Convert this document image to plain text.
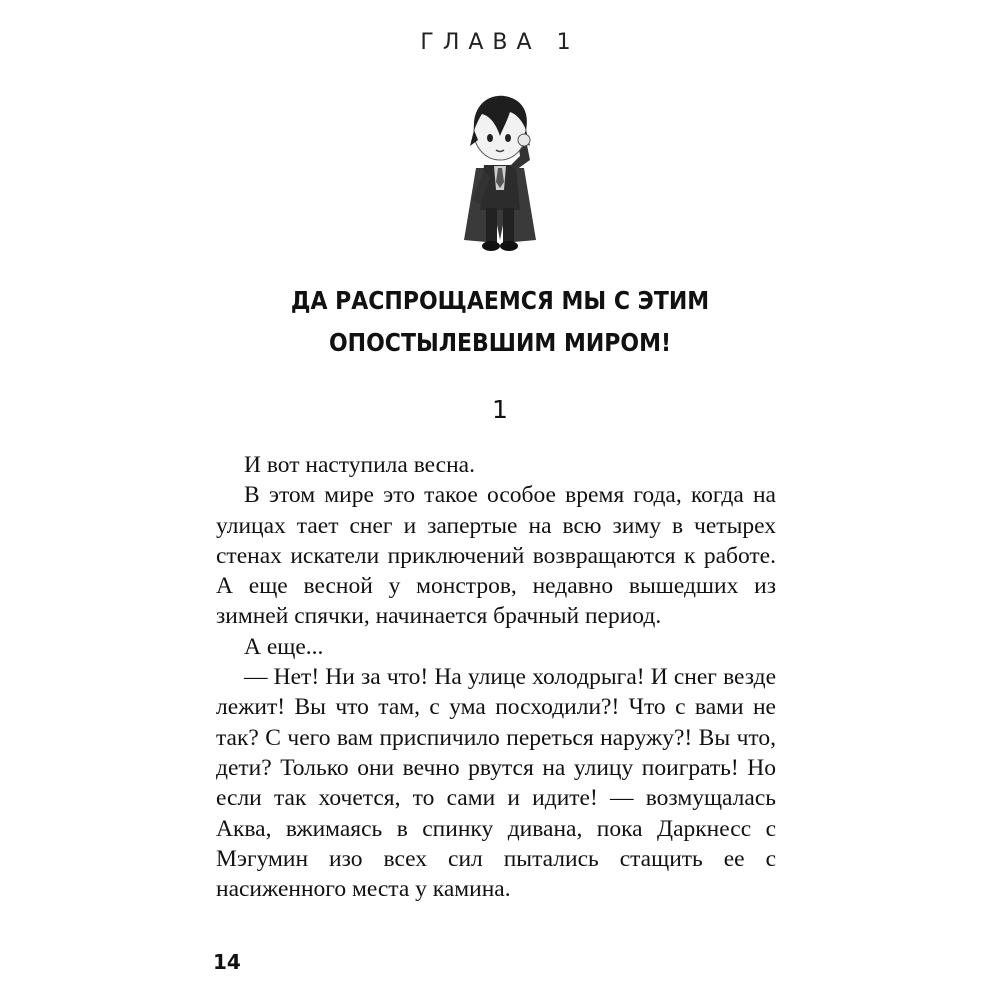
ГЛАВА 1
ДА РАСПРОЩАЕМСЯ МЫ С ЭТИМ
ОПОСТЫЛЕВШИМ МИРОМ!
1

И вот наступила весна.

В этом мире это такое особое время года, когда на улицах тает снег и запертые на всю зиму в четырех стенах искатели приключений возвращаются к работе. А еще весной у монстров, недавно вышедших из зимней спячки, начинается брачный период.

А еще...

— Нет! Ни за что! На улице холодрыга! И снег везде лежит! Вы что там, с ума посходили?! Что с вами не так? С чего вам приспичило переться наружу?! Вы что, дети? Только они вечно рвутся на улицу поиграть! Но если так хочется, то сами и идите! — возмущалась Аква, вжимаясь в спинку дивана, пока Даркнесс с Мэгумин изо всех сил пытались стащить ее с насиженного места у камина.

14
